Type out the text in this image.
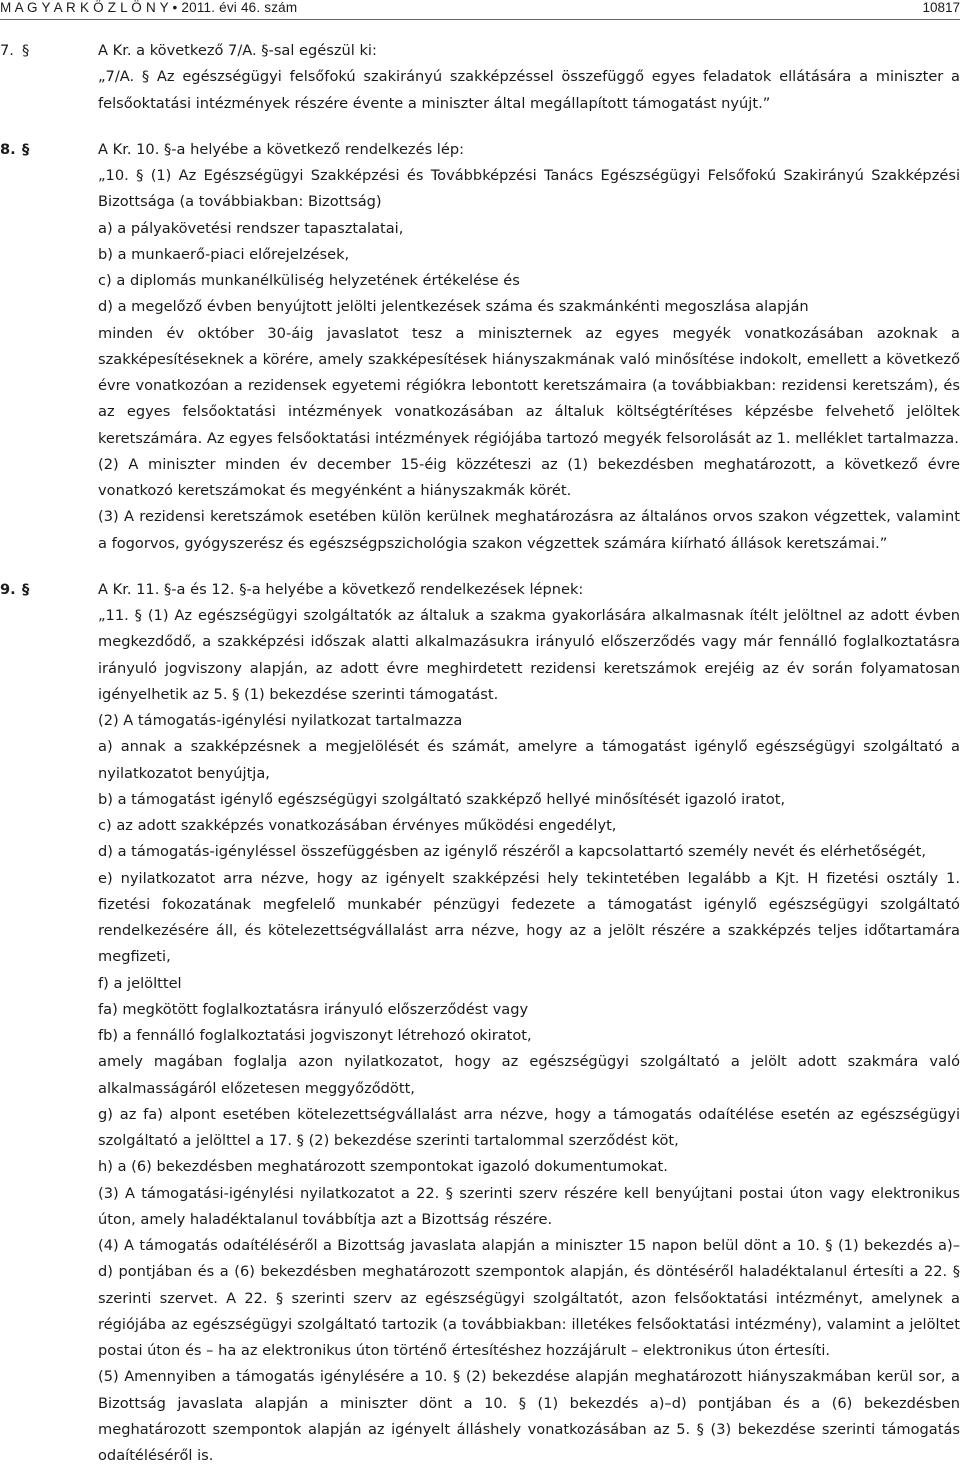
M A G Y A R K Ö Z L Ö N Y • 2011. évi 46. szám	10817
7. §	A Kr. a következő 7/A. §-sal egészül ki:
„7/A. § Az egészségügyi felsőfokú szakirányú szakképzéssel összefüggő egyes feladatok ellátására a miniszter a felsőoktatási intézmények részére évente a miniszter által megállapított támogatást nyújt.”
8. §	A Kr. 10. §-a helyébe a következő rendelkezés lép:
„10. § (1) Az Egészségügyi Szakképzési és Továbbképzési Tanács Egészségügyi Felsőfokú Szakirányú Szakképzési Bizottsága (a továbbiakban: Bizottság)
a) a pályakövetési rendszer tapasztalatai,
b) a munkaerő-piaci előrejelzések,
c) a diplomás munkanélküliség helyzetének értékelése és
d) a megelőző évben benyújtott jelölti jelentkezések száma és szakmánkénti megoszlása alapján
minden év október 30-áig javaslatot tesz a miniszternek az egyes megyék vonatkozásában azoknak a szakképesítéseknek a körére, amely szakképesítések hiányszakmának való minősítése indokolt, emellett a következő évre vonatkozóan a rezidensek egyetemi régiókra lebontott keretszámaira (a továbbiakban: rezidensi keretszám), és az egyes felsőoktatási intézmények vonatkozásában az általuk költségtérítéses képzésbe felvehető jelöltek keretszámára. Az egyes felsőoktatási intézmények régiójába tartozó megyék felsorolását az 1. melléklet tartalmazza.
(2) A miniszter minden év december 15-éig közzéteszi az (1) bekezdésben meghatározott, a következő évre vonatkozó keretszámokat és megyénként a hiányszakmák körét.
(3) A rezidensi keretszámok esetében külön kerülnek meghatározásra az általános orvos szakon végzettek, valamint a fogorvos, gyógyszerész és egészségpszichológia szakon végzettek számára kiírható állások keretszámai.”
9. §	A Kr. 11. §-a és 12. §-a helyébe a következő rendelkezések lépnek:
„11. § (1) Az egészségügyi szolgáltatók az általuk a szakma gyakorlására alkalmasnak ítélt jelöltnel az adott évben megkezdődő, a szakképzési időszak alatti alkalmazásukra irányuló előszerződés vagy már fennálló foglalkoztatásra irányuló jogviszony alapján, az adott évre meghirdetett rezidensi keretszámok erejéig az év során folyamatosan igényelhetik az 5. § (1) bekezdése szerinti támogatást.
(2) A támogatás-igénylési nyilatkozat tartalmazza
a) annak a szakképzésnek a megjelölését és számát, amelyre a támogatást igénylő egészségügyi szolgáltató a nyilatkozatot benyújtja,
b) a támogatást igénylő egészségügyi szolgáltató szakképző hellyé minősítését igazoló iratot,
c) az adott szakképzés vonatkozásában érvényes működési engedélyt,
d) a támogatás-igényléssel összefüggésben az igénylő részéről a kapcsolattartó személy nevét és elérhetőségét,
e) nyilatkozatot arra nézve, hogy az igényelt szakképzési hely tekintetében legalább a Kjt. H fizetési osztály 1. fizetési fokozatának megfelelő munkabér pénzügyi fedezete a támogatást igénylő egészségügyi szolgáltató rendelkezésére áll, és kötelezettségvállalást arra nézve, hogy az a jelölt részére a szakképzés teljes időtartamára megfizeti,
f) a jelölttel
fa) megkötött foglalkoztatásra irányuló előszerződést vagy
fb) a fennálló foglalkoztatási jogviszonyt létrehozó okiratot,
amely magában foglalja azon nyilatkozatot, hogy az egészségügyi szolgáltató a jelölt adott szakmára való alkalmasságáról előzetesen meggyőződött,
g) az fa) alpont esetében kötelezettségvállalást arra nézve, hogy a támogatás odaítélése esetén az egészségügyi szolgáltató a jelölttel a 17. § (2) bekezdése szerinti tartalommal szerződést köt,
h) a (6) bekezdésben meghatározott szempontokat igazoló dokumentumokat.
(3) A támogatási-igénylési nyilatkozatot a 22. § szerinti szerv részére kell benyújtani postai úton vagy elektronikus úton, amely haladéktalanul továbbítja azt a Bizottság részére.
(4) A támogatás odaítéléséről a Bizottság javaslata alapján a miniszter 15 napon belül dönt a 10. § (1) bekezdés a)–d) pontjában és a (6) bekezdésben meghatározott szempontok alapján, és döntéséről haladéktalanul értesíti a 22. § szerinti szervet. A 22. § szerinti szerv az egészségügyi szolgáltatót, azon felsőoktatási intézményt, amelynek a régiójába az egészségügyi szolgáltató tartozik (a továbbiakban: illetékes felsőoktatási intézmény), valamint a jelöltet postai úton és – ha az elektronikus úton történő értesítéshez hozzájárult – elektronikus úton értesíti.
(5) Amennyiben a támogatás igénylésére a 10. § (2) bekezdése alapján meghatározott hiányszakmában kerül sor, a Bizottság javaslata alapján a miniszter dönt a 10. § (1) bekezdés a)–d) pontjában és a (6) bekezdésben meghatározott szempontok alapján az igényelt álláshely vonatkozásában az 5. § (3) bekezdése szerinti támogatás odaítéléséről is.
